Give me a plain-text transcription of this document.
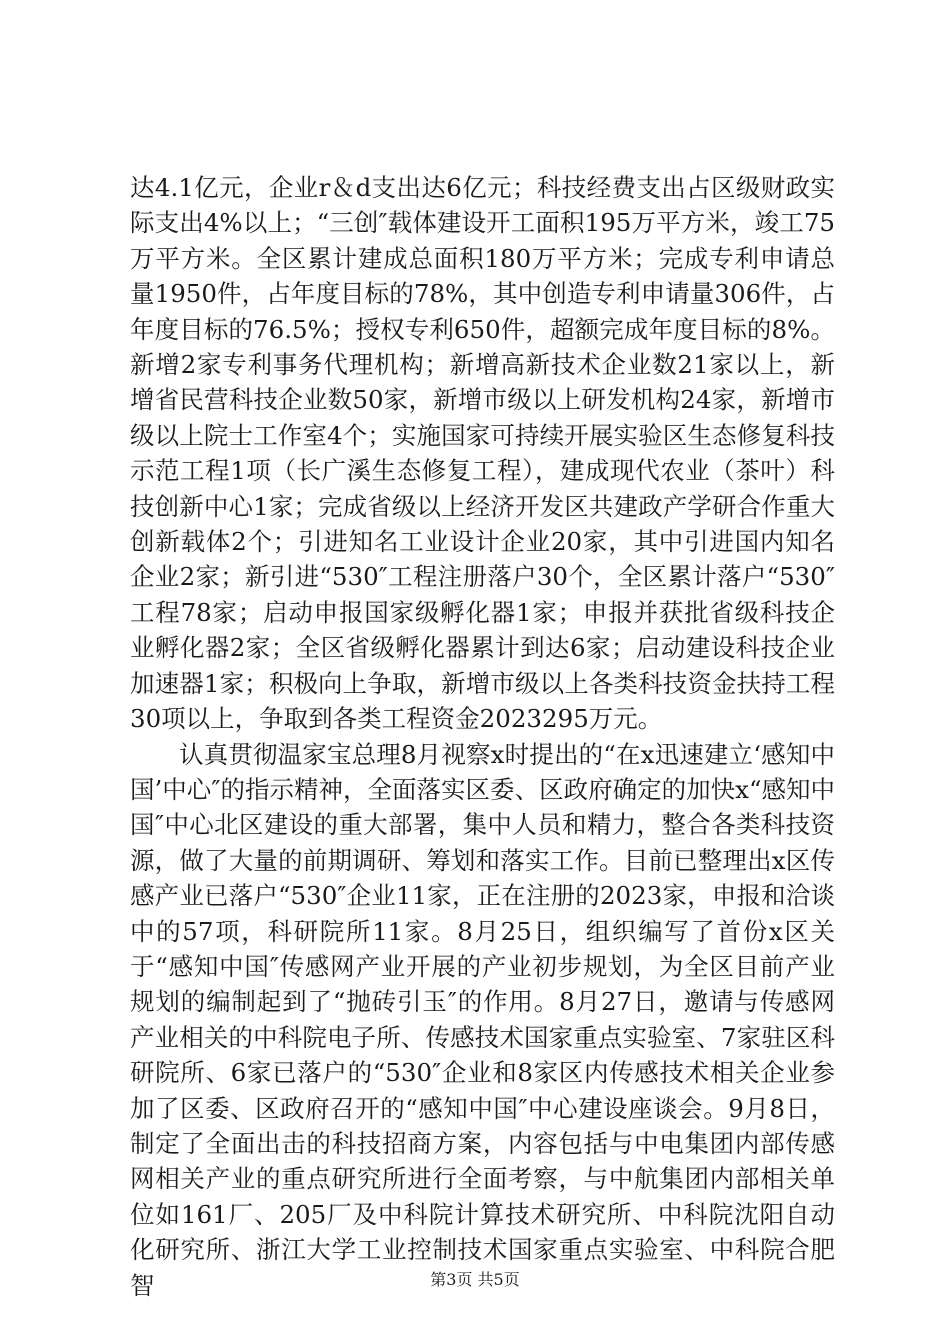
达4.1亿元，企业r＆d支出达6亿元；科技经费支出占区级财政实际支出4%以上；“三创″载体建设开工面积195万平方米，竣工75万平方米。全区累计建成总面积180万平方米；完成专利申请总量1950件，占年度目标的78%，其中创造专利申请量306件，占年度目标的76.5%；授权专利650件，超额完成年度目标的8%。新增2家专利事务代理机构；新增高新技术企业数21家以上，新增省民营科技企业数50家，新增市级以上研发机构24家，新增市级以上院士工作室4个；实施国家可持续开展实验区生态修复科技示范工程1项（长广溪生态修复工程），建成现代农业（茶叶）科技创新中心1家；完成省级以上经济开发区共建政产学研合作重大创新载体2个；引进知名工业设计企业20家，其中引进国内知名企业2家；新引进“530″工程注册落户30个，全区累计落户“530″工程78家；启动申报国家级孵化器1家；申报并获批省级科技企业孵化器2家；全区省级孵化器累计到达6家；启动建设科技企业加速器1家；积极向上争取，新增市级以上各类科技资金扶持工程30项以上，争取到各类工程资金2023295万元。

认真贯彻温家宝总理8月视察x时提出的“在x迅速建立‘感知中国’中心″的指示精神，全面落实区委、区政府确定的加快x“感知中国″中心北区建设的重大部署，集中人员和精力，整合各类科技资源，做了大量的前期调研、筹划和落实工作。目前已整理出x区传感产业已落户“530″企业11家，正在注册的2023家，申报和洽谈中的57项，科研院所11家。8月25日，组织编写了首份x区关于“感知中国″传感网产业开展的产业初步规划，为全区目前产业规划的编制起到了“抛砖引玉″的作用。8月27日，邀请与传感网产业相关的中科院电子所、传感技术国家重点实验室、7家驻区科研院所、6家已落户的“530″企业和8家区内传感技术相关企业参加了区委、区政府召开的“感知中国″中心建设座谈会。9月8日，制定了全面出击的科技招商方案，内容包括与中电集团内部传感网相关产业的重点研究所进行全面考察，与中航集团内部相关单位如161厂、205厂及中科院计算技术研究所、中科院沈阳自动化研究所、浙江大学工业控制技术国家重点实验室、中科院合肥智	第3页 共5页
